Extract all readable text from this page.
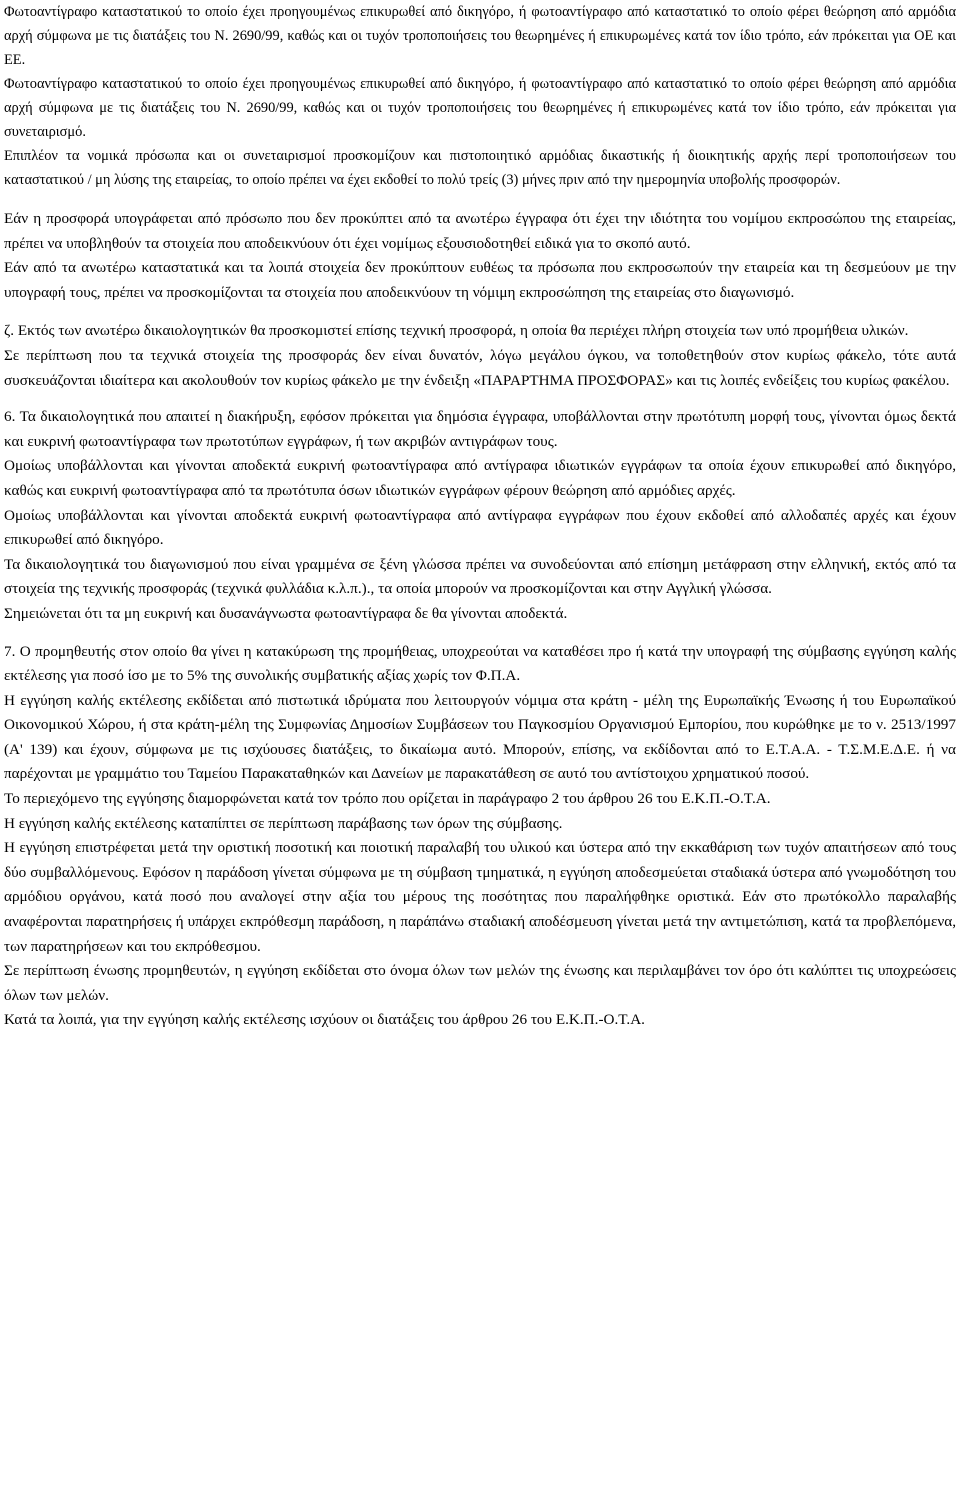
Φωτοαντίγραφο καταστατικού το οποίο έχει προηγουμένως επικυρωθεί από δικηγόρο, ή φωτοαντίγραφο από καταστατικό το οποίο φέρει θεώρηση από αρμόδια αρχή σύμφωνα με τις διατάξεις του Ν. 2690/99, καθώς και οι τυχόν τροποποιήσεις του θεωρημένες ή επικυρωμένες κατά τον ίδιο τρόπο, εάν πρόκειται για ΟΕ και ΕΕ.

Φωτοαντίγραφο καταστατικού το οποίο έχει προηγουμένως επικυρωθεί από δικηγόρο, ή φωτοαντίγραφο από καταστατικό το οποίο φέρει θεώρηση από αρμόδια αρχή σύμφωνα με τις διατάξεις του Ν. 2690/99, καθώς και οι τυχόν τροποποιήσεις του θεωρημένες ή επικυρωμένες κατά τον ίδιο τρόπο, εάν πρόκειται για συνεταιρισμό.

Επιπλέον τα νομικά πρόσωπα και οι συνεταιρισμοί προσκομίζουν και πιστοποιητικό αρμόδιας δικαστικής ή διοικητικής αρχής περί τροποποιήσεων του καταστατικού / μη λύσης της εταιρείας, το οποίο πρέπει να έχει εκδοθεί το πολύ τρείς (3) μήνες πριν από την ημερομηνία υποβολής προσφορών.

Εάν η προσφορά υπογράφεται από πρόσωπο που δεν προκύπτει από τα ανωτέρω έγγραφα ότι έχει την ιδιότητα του νομίμου εκπροσώπου της εταιρείας, πρέπει να υποβληθούν τα στοιχεία που αποδεικνύουν ότι έχει νομίμως εξουσιοδοτηθεί ειδικά για το σκοπό αυτό.

Εάν από τα ανωτέρω καταστατικά και τα λοιπά στοιχεία δεν προκύπτουν ευθέως τα πρόσωπα που εκπροσωπούν την εταιρεία και τη δεσμεύουν με την υπογραφή τους, πρέπει να προσκομίζονται τα στοιχεία που αποδεικνύουν τη νόμιμη εκπροσώπηση της εταιρείας στο διαγωνισμό.

ζ. Εκτός των ανωτέρω δικαιολογητικών θα προσκομιστεί επίσης τεχνική προσφορά, η οποία θα περιέχει πλήρη στοιχεία των υπό προμήθεια υλικών.

Σε περίπτωση που τα τεχνικά στοιχεία της προσφοράς δεν είναι δυνατόν, λόγω μεγάλου όγκου, να τοποθετηθούν στον κυρίως φάκελο, τότε αυτά συσκευάζονται ιδιαίτερα και ακολουθούν τον κυρίως φάκελο με την ένδειξη «ΠΑΡΑΡΤΗΜΑ ΠΡΟΣΦΟΡΑΣ» και τις λοιπές ενδείξεις του κυρίως φακέλου.

6. Τα δικαιολογητικά που απαιτεί η διακήρυξη, εφόσον πρόκειται για δημόσια έγγραφα, υποβάλλονται στην πρωτότυπη μορφή τους, γίνονται όμως δεκτά και ευκρινή φωτοαντίγραφα των πρωτοτύπων εγγράφων, ή των ακριβών αντιγράφων τους.

Ομοίως υποβάλλονται και γίνονται αποδεκτά ευκρινή φωτοαντίγραφα από αντίγραφα ιδιωτικών εγγράφων τα οποία έχουν επικυρωθεί από δικηγόρο, καθώς και ευκρινή φωτοαντίγραφα από τα πρωτότυπα όσων ιδιωτικών εγγράφων φέρουν θεώρηση από αρμόδιες αρχές.

Ομοίως υποβάλλονται και γίνονται αποδεκτά ευκρινή φωτοαντίγραφα από αντίγραφα εγγράφων που έχουν εκδοθεί από αλλοδαπές αρχές και έχουν επικυρωθεί από δικηγόρο.

Τα δικαιολογητικά του διαγωνισμού που είναι γραμμένα σε ξένη γλώσσα πρέπει να συνοδεύονται από επίσημη μετάφραση στην ελληνική, εκτός από τα στοιχεία της τεχνικής προσφοράς (τεχνικά φυλλάδια κ.λ.π.)., τα οποία μπορούν να προσκομίζονται και στην Αγγλική γλώσσα.

Σημειώνεται ότι τα μη ευκρινή και δυσανάγνωστα φωτοαντίγραφα δε θα γίνονται αποδεκτά.

7. Ο προμηθευτής στον οποίο θα γίνει η κατακύρωση της προμήθειας, υποχρεούται να καταθέσει προ ή κατά την υπογραφή της σύμβασης εγγύηση καλής εκτέλεσης για ποσό ίσο με το 5% της συνολικής συμβατικής αξίας χωρίς τον Φ.Π.Α.

Η εγγύηση καλής εκτέλεσης εκδίδεται από πιστωτικά ιδρύματα που λειτουργούν νόμιμα στα κράτη - μέλη της Ευρωπαϊκής Ένωσης ή του Ευρωπαϊκού Οικονομικού Χώρου, ή στα κράτη-μέλη της Συμφωνίας Δημοσίων Συμβάσεων του Παγκοσμίου Οργανισμού Εμπορίου, που κυρώθηκε με το ν. 2513/1997 (Α' 139) και έχουν, σύμφωνα με τις ισχύουσες διατάξεις, το δικαίωμα αυτό. Μπορούν, επίσης, να εκδίδονται από το Ε.Τ.Α.Α. - Τ.Σ.Μ.Ε.Δ.Ε. ή να παρέχονται με γραμμάτιο του Ταμείου Παρακαταθηκών και Δανείων με παρακατάθεση σε αυτό του αντίστοιχου χρηματικού ποσού.

Το περιεχόμενο της εγγύησης διαμορφώνεται κατά τον τρόπο που ορίζεται in παράγραφο 2 του άρθρου 26 του Ε.Κ.Π.-Ο.Τ.Α.

Η εγγύηση καλής εκτέλεσης καταπίπτει σε περίπτωση παράβασης των όρων της σύμβασης.

Η εγγύηση επιστρέφεται μετά την οριστική ποσοτική και ποιοτική παραλαβή του υλικού και ύστερα από την εκκαθάριση των τυχόν απαιτήσεων από τους δύο συμβαλλόμενους. Εφόσον η παράδοση γίνεται σύμφωνα με τη σύμβαση τμηματικά, η εγγύηση αποδεσμεύεται σταδιακά ύστερα από γνωμοδότηση του αρμόδιου οργάνου, κατά ποσό που αναλογεί στην αξία του μέρους της ποσότητας που παραλήφθηκε οριστικά. Εάν στο πρωτόκολλο παραλαβής αναφέρονται παρατηρήσεις ή υπάρχει εκπρόθεσμη παράδοση, η παράπάνω σταδιακή αποδέσμευση γίνεται μετά την αντιμετώπιση, κατά τα προβλεπόμενα, των παρατηρήσεων και του εκπρόθεσμου.

Σε περίπτωση ένωσης προμηθευτών, η εγγύηση εκδίδεται στο όνομα όλων των μελών της ένωσης και περιλαμβάνει τον όρο ότι καλύπτει τις υποχρεώσεις όλων των μελών.

Κατά τα λοιπά, για την εγγύηση καλής εκτέλεσης ισχύουν οι διατάξεις του άρθρου 26 του Ε.Κ.Π.-Ο.Τ.Α.
